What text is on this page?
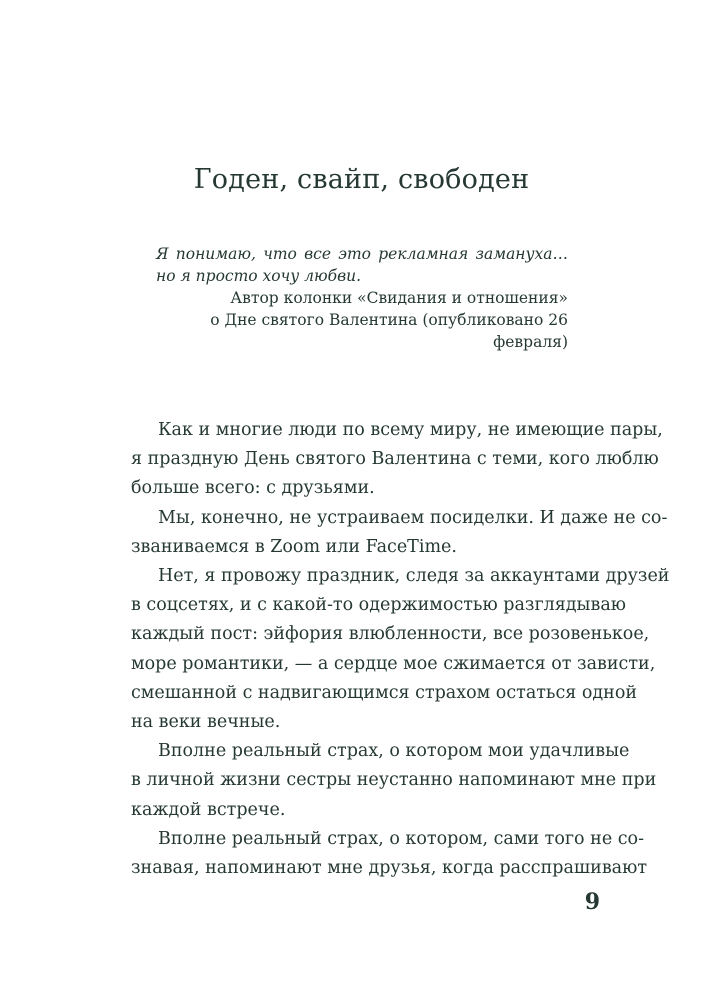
Годен, свайп, свободен

Я понимаю, что все это рекламная замануха…
но я просто хочу любви.

Автор колонки «Свидания и отношения»
о Дне святого Валентина (опубликовано 26 февраля)

Как и многие люди по всему миру, не имеющие пары,
я праздную День святого Валентина с теми, кого люблю
больше всего: с друзьями.
Мы, конечно, не устраиваем посиделки. И даже не со-
званиваемся в Zoom или FaceTime.
Нет, я провожу праздник, следя за аккаунтами друзей
в соцсетях, и с какой-то одержимостью разглядываю
каждый пост: эйфория влюбленности, все розовенькое,
море романтики, — а сердце мое сжимается от зависти,
смешанной с надвигающимся страхом остаться одной
на веки вечные.
Вполне реальный страх, о котором мои удачливые
в личной жизни сестры неустанно напоминают мне при
каждой встрече.
Вполне реальный страх, о котором, сами того не со-
знавая, напоминают мне друзья, когда расспрашивают
9
